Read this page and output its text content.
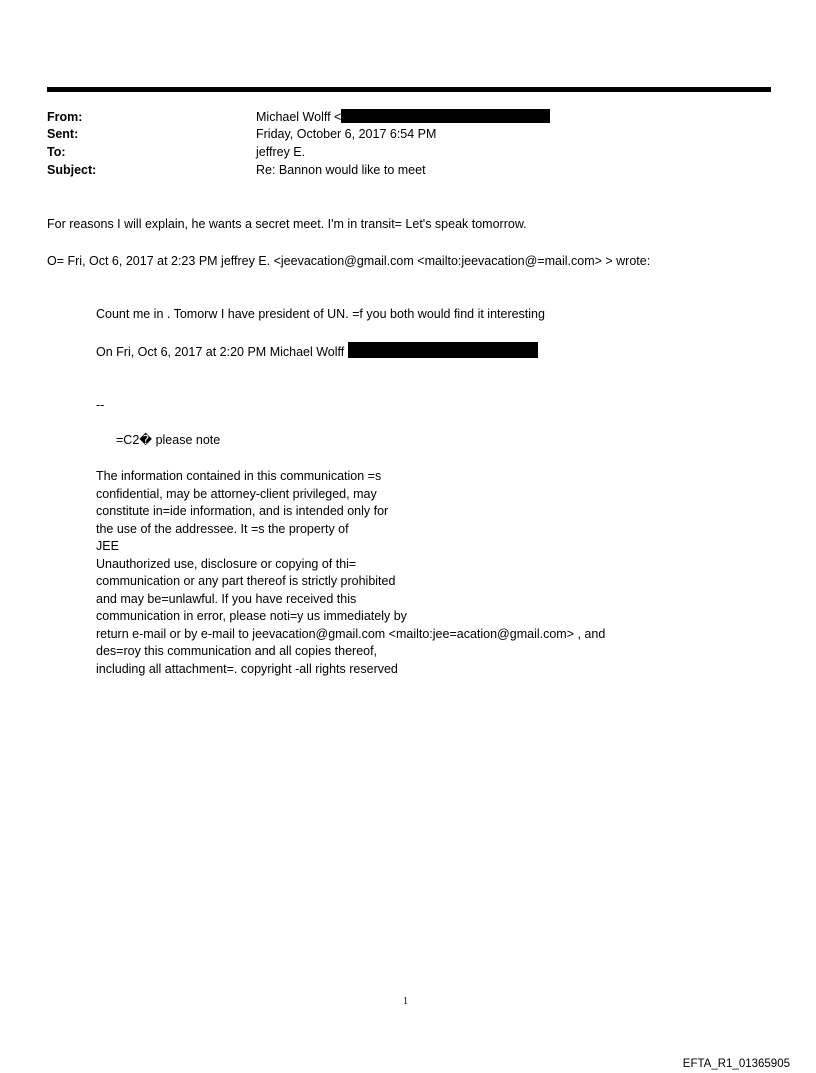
From:	Michael Wolff <
Sent:	Friday, October 6, 2017 6:54 PM
To:	jeffrey E.
Subject:	Re: Bannon would like to meet
For reasons I will explain, he wants a secret meet. I'm in transit= Let's speak tomorrow.
O= Fri, Oct 6, 2017 at 2:23 PM jeffrey E. <jeevacation@gmail.com <mailto:jeevacation@=mail.com> > wrote:
Count me in . Tomorw I have president of UN. =f you both would find it interesting
On Fri, Oct 6, 2017 at 2:20 PM Michael Wolff
--
=C2� please note
The information contained in this communication =s
confidential, may be attorney-client privileged, may
constitute in=ide information, and is intended only for
the use of the addressee. It =s the property of
JEE
Unauthorized use, disclosure or copying of thi=
communication or any part thereof is strictly prohibited
and may be=unlawful. If you have received this
communication in error, please noti=y us immediately by
return e-mail or by e-mail to jeevacation@gmail.com <mailto:jee=acation@gmail.com> , and
des=roy this communication and all copies thereof,
including all attachment=. copyright -all rights reserved
1
EFTA_R1_01365905
